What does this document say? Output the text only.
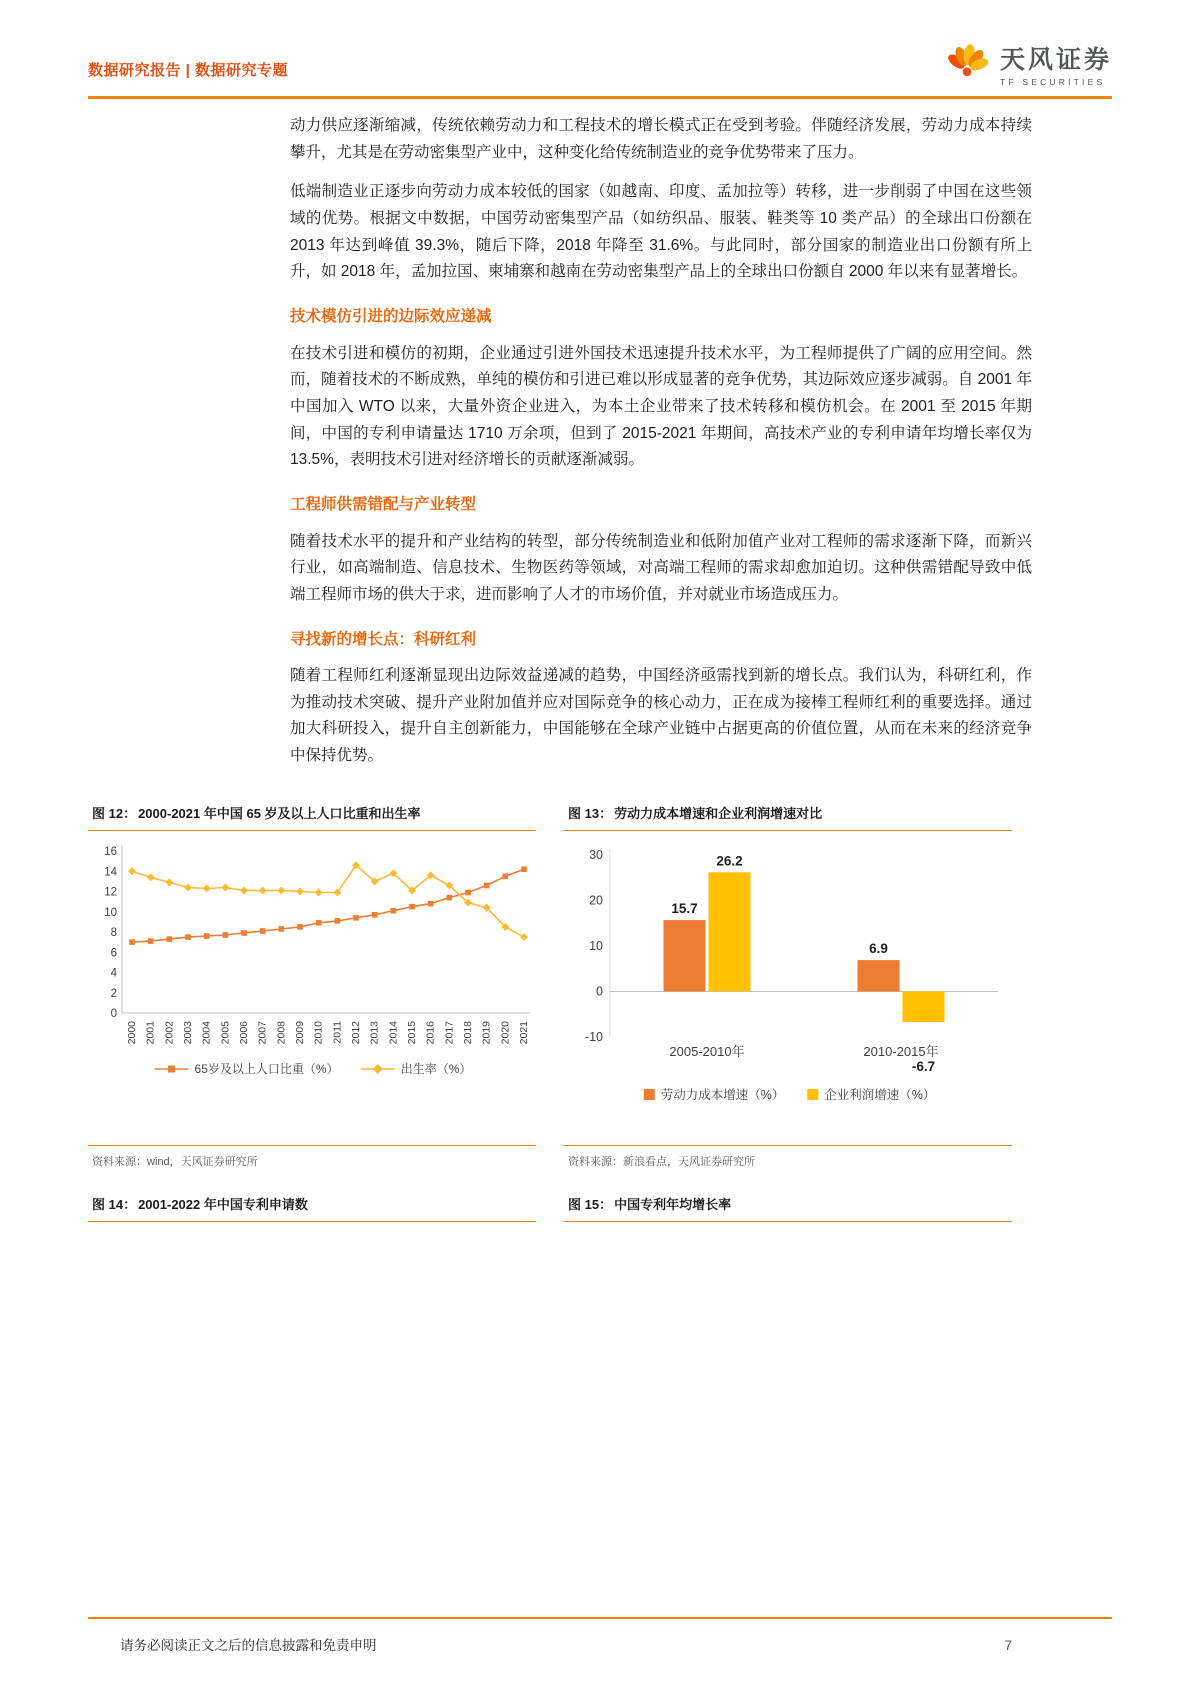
数据研究报告 | 数据研究专题	天风证券
TF SECURITIES

动力供应逐渐缩减，传统依赖劳动力和工程技术的增长模式正在受到考验。伴随经济发展，劳动力成本持续攀升，尤其是在劳动密集型产业中，这种变化给传统制造业的竞争优势带来了压力。

低端制造业正逐步向劳动力成本较低的国家（如越南、印度、孟加拉等）转移，进一步削弱了中国在这些领域的优势。根据文中数据，中国劳动密集型产品（如纺织品、服装、鞋类等 10 类产品）的全球出口份额在 2013 年达到峰值 39.3%，随后下降，2018 年降至 31.6%。与此同时，部分国家的制造业出口份额有所上升，如 2018 年，孟加拉国、柬埔寨和越南在劳动密集型产品上的全球出口份额自 2000 年以来有显著增长。

技术模仿引进的边际效应递减

在技术引进和模仿的初期，企业通过引进外国技术迅速提升技术水平，为工程师提供了广阔的应用空间。然而，随着技术的不断成熟，单纯的模仿和引进已难以形成显著的竞争优势，其边际效应逐步减弱。自 2001 年中国加入 WTO 以来，大量外资企业进入，为本土企业带来了技术转移和模仿机会。在 2001 至 2015 年期间，中国的专利申请量达 1710 万余项，但到了 2015-2021 年期间，高技术产业的专利申请年均增长率仅为 13.5%，表明技术引进对经济增长的贡献逐渐减弱。

工程师供需错配与产业转型

随着技术水平的提升和产业结构的转型，部分传统制造业和低附加值产业对工程师的需求逐渐下降，而新兴行业，如高端制造、信息技术、生物医药等领域，对高端工程师的需求却愈加迫切。这种供需错配导致中低端工程师市场的供大于求，进而影响了人才的市场价值，并对就业市场造成压力。

寻找新的增长点：科研红利

随着工程师红利逐渐显现出边际效益递减的趋势，中国经济亟需找到新的增长点。我们认为，科研红利，作为推动技术突破、提升产业附加值并应对国际竞争的核心动力，正在成为接棒工程师红利的重要选择。通过加大科研投入，提升自主创新能力，中国能够在全球产业链中占据更高的价值位置，从而在未来的经济竞争中保持优势。

图 12： 2000-2021 年中国 65 岁及以上人口比重和出生率
0
2
4
6
8
10
12
14
16
2000 2001 2002 2003 2004 2005 2006 2007 2008 2009 2010 2011 2012 2013 2014 2015 2016 2017 2018 2019 2020 2021
65岁及以上人口比重（%）	出生率（%）
资料来源：wind，天风证券研究所
图 13： 劳动力成本增速和企业利润增速对比
-10
0
10
20
30
15.7
26.2
2005-2010年
6.9
-6.7
2010-2015年
劳动力成本增速（%）	企业利润增速（%）
资料来源：新浪看点，天风证券研究所
图 14： 2001-2022 年中国专利申请数	图 15： 中国专利年均增长率
请务必阅读正文之后的信息披露和免责申明	7
